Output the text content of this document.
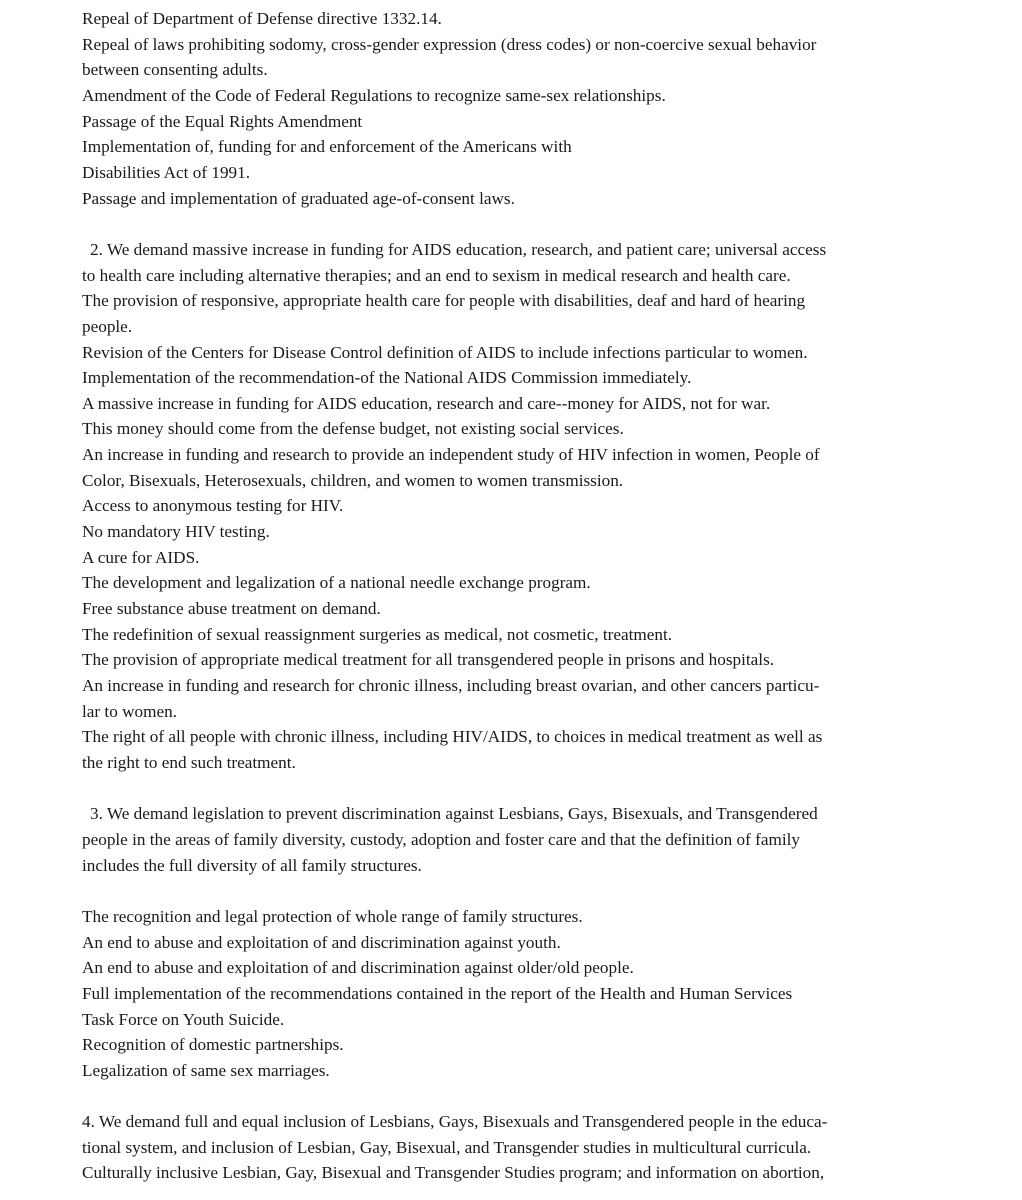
Repeal of Department of Defense directive 1332.14.
Repeal of laws prohibiting sodomy, cross-gender expression (dress codes) or non-coercive sexual behavior
between consenting adults.
Amendment of the Code of Federal Regulations to recognize same-sex relationships.
Passage of the Equal Rights Amendment
Implementation of, funding for and enforcement of the Americans with
Disabilities Act of 1991.
Passage and implementation of graduated age-of-consent laws.
2. We demand massive increase in funding for AIDS education, research, and patient care; universal access
to health care including alternative therapies; and an end to sexism in medical research and health care.
The provision of responsive, appropriate health care for people with disabilities, deaf and hard of hearing
people.
Revision of the Centers for Disease Control definition of AIDS to include infections particular to women.
Implementation of the recommendation-of the National AIDS Commission immediately.
A massive increase in funding for AIDS education, research and care--money for AIDS, not for war.
This money should come from the defense budget, not existing social services.
An increase in funding and research to provide an independent study of HIV infection in women, People of
Color, Bisexuals, Heterosexuals, children, and women to women transmission.
Access to anonymous testing for HIV.
No mandatory HIV testing.
A cure for AIDS.
The development and legalization of a national needle exchange program.
Free substance abuse treatment on demand.
The redefinition of sexual reassignment surgeries as medical, not cosmetic, treatment.
The provision of appropriate medical treatment for all transgendered people in prisons and hospitals.
An increase in funding and research for chronic illness, including breast ovarian, and other cancers particu-
lar to women.
The right of all people with chronic illness, including HIV/AIDS, to choices in medical treatment as well as
the right to end such treatment.
3. We demand legislation to prevent discrimination against Lesbians, Gays, Bisexuals, and Transgendered
people in the areas of family diversity, custody, adoption and foster care and that the definition of family
includes the full diversity of all family structures.
The recognition and legal protection of whole range of family structures.
An end to abuse and exploitation of and discrimination against youth.
An end to abuse and exploitation of and discrimination against older/old people.
Full implementation of the recommendations contained in the report of the Health and Human Services
Task Force on Youth Suicide.
Recognition of domestic partnerships.
Legalization of same sex marriages.
4. We demand full and equal inclusion of Lesbians, Gays, Bisexuals and Transgendered people in the educa-
tional system, and inclusion of Lesbian, Gay, Bisexual, and Transgender studies in multicultural curricula.
Culturally inclusive Lesbian, Gay, Bisexual and Transgender Studies program; and information on abortion,
